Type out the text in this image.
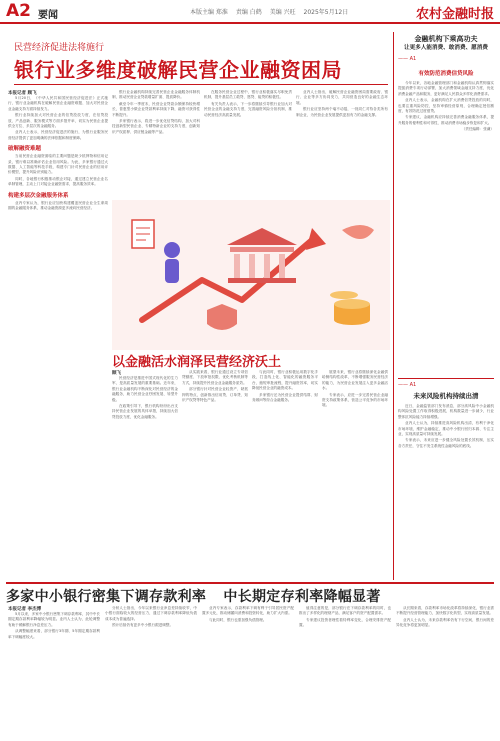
A2 要闻	本版主编 郑淮 责编 白鹤 美编 兴旺 2025年5月12日	农村金融时报
民营经济促进法将施行
银行业多维度破解民营企业融资困局
本报记者 顾飞

5月20日，《中华人民共和国民营经济促进法》正式施行，银行业金融机构在破解民营企业融资难题、加大对民营企业金融支持方面持续发力。

银行业持续加大对民营企业的信贷投放力度，在信贷投放、产品创新、服务模式等方面多措并举，切实为民营企业提供全方位、多层次的金融服务。

业内人士表示，民营经济促进法的施行，为银行业服务民营经济提供了更加明确的法律依据和制度保障。

破解融资难题

当前民营企业融资面临的主要问题是缺少抵押物和信用记录，银行难以准确评估企业信用风险。为此，多家银行通过大数据、人工智能等科技手段，构建专门针对民营企业的信用评价模型，提升风险识别能力。

同时，各地银行积极推动银企对接，通过建立民营企业名单制管理，主动上门对接企业融资需求，提高服务效率。

构建多层次金融服务体系

业内专家认为，银行业应加快构建覆盖民营企业全生命周期的金融服务体系，推动金融资源更多流向民营经济。

银行业金融机构持续完善民营企业金融服务体制机制，推动民营企业贷款增量扩面、提质降价。

截至今年一季度末，民营企业贷款余额保持较快增长，普惠型小微企业贷款利率持续下降，融资可获得性不断提升。

多家银行表示，将进一步优化信贷结构，加大对科技创新型民营企业、专精特新企业的支持力度，创新知识产权质押、供应链金融等产品。

在服务民营企业过程中，银行业积极落实尽职免责机制，提升基层员工敢贷、愿贷、能贷的积极性。

有关负责人表示，下一步将继续引导银行业加大对民营企业的金融支持力度，完善融资风险分担机制，推动民营经济高质量发展。

业内人士指出，破解民营企业融资困局需要政府、银行、企业等多方协同发力，共同营造良好的金融生态环境。

银行业应坚持两个毫不动摇，一视同仁对待各类所有制企业，为民营企业发展提供更加有力的金融支撑。

以金融活水润泽民营经济沃土
顾飞

民营经济是推进中国式现代化的生力军，是高质量发展的重要基础。近年来，银行业金融机构不断深化对民营经济的金融服务，助力民营企业纾困发展、转型升级。

在政策引导下，银行机构纷纷出台支持民营企业发展的具体举措，持续加大信贷投放力度，优化金融服务。

从实践来看，银行业通过设立专项信贷额度、下放审批权限、优化考核机制等方式，持续提升民营企业金融服务质效。

部分银行针对民营企业轻资产、缺抵押的特点，创新推出信用贷、订单贷、知识产权贷等特色产品。

与此同时，银行业积极运用数字化手段，打造线上化、智能化的融资服务平台，缩短审批流程，提升融资效率，切实降低民营企业的融资成本。

多家银行还为民营企业提供结算、财务顾问等综合金融服务。

展望未来，银行业将继续深化金融供给侧结构性改革，不断增强服务民营经济的能力，为民营企业发展注入更多金融活水。

专家表示，应进一步完善民营企业融资支持政策体系，营造公平竞争的市场环境。

金融机构下乘高功夫
让更多人能消费、敢消费、愿消费
—— A1
有效防范消费信贷风险

今年以来，各地金融管理部门和金融机构认真贯彻落实提振消费专项行动部署，加大消费领域金融支持力度，优化消费金融产品和服务，更好满足人民群众多样化消费需求。

业内人士表示，金融机构在扩大消费信贷投放的同时，也要注重风险防控，坚持审慎经营原则，合理确定授信额度，有效防范过度借贷。

专家建议，金融机构应持续完善消费金融服务体系，提升服务的便利性和可得性，推动消费市场稳步恢复和扩大。

（责任编辑：张谦）
—— A1
未来风险机构持续出清

近日，金融监管部门发布消息，部分高风险中小金融机构风险处置工作取得积极进展，机构数量进一步减少，行业整体抗风险能力持续增强。

业内人士认为，持续推进高风险机构出清，有利于净化市场环境，维护金融稳定，推动中小银行回归本源、专注主业，实现高质量可持续发展。

专家表示，未来应进一步健全风险处置长效机制，压实各方责任，守住不发生系统性金融风险的底线。

多家中小银行密集下调存款利率 中长期定存利率降幅显著
本报记者 李杰博

5月以来，多家中小银行密集下调存款利率，其中中长期定期存款利率降幅较为明显。业内人士认为，此轮调整有助于缓解银行净息差压力。

从调整幅度来看，部分银行3年期、5年期定期存款利率下调幅度较大。

分析人士指出，今年以来银行业净息差持续收窄，中小银行面临较大的经营压力，通过下调存款利率降低负债成本成为普遍选择。

预计后续仍有更多中小银行跟进调整。

业内专家表示，存款利率下调有利于引导居民资产配置多元化，推动储蓄向消费和投资转化，助力扩大内需。

与此同时，银行也需加强负债管理。

值得注意的是，部分银行在下调存款利率的同时，也推出了多样化的理财产品，满足客户的资产配置需求。

专家建议投资者理性看待利率变化，合理安排资产配置。

从长期来看，存款利率市场化改革将持续深化，银行业需不断提升经营管理能力，加快数字化转型，实现高质量发展。

业内人士认为，未来存款利率仍有下行空间，银行间的差异化竞争将更加明显。
